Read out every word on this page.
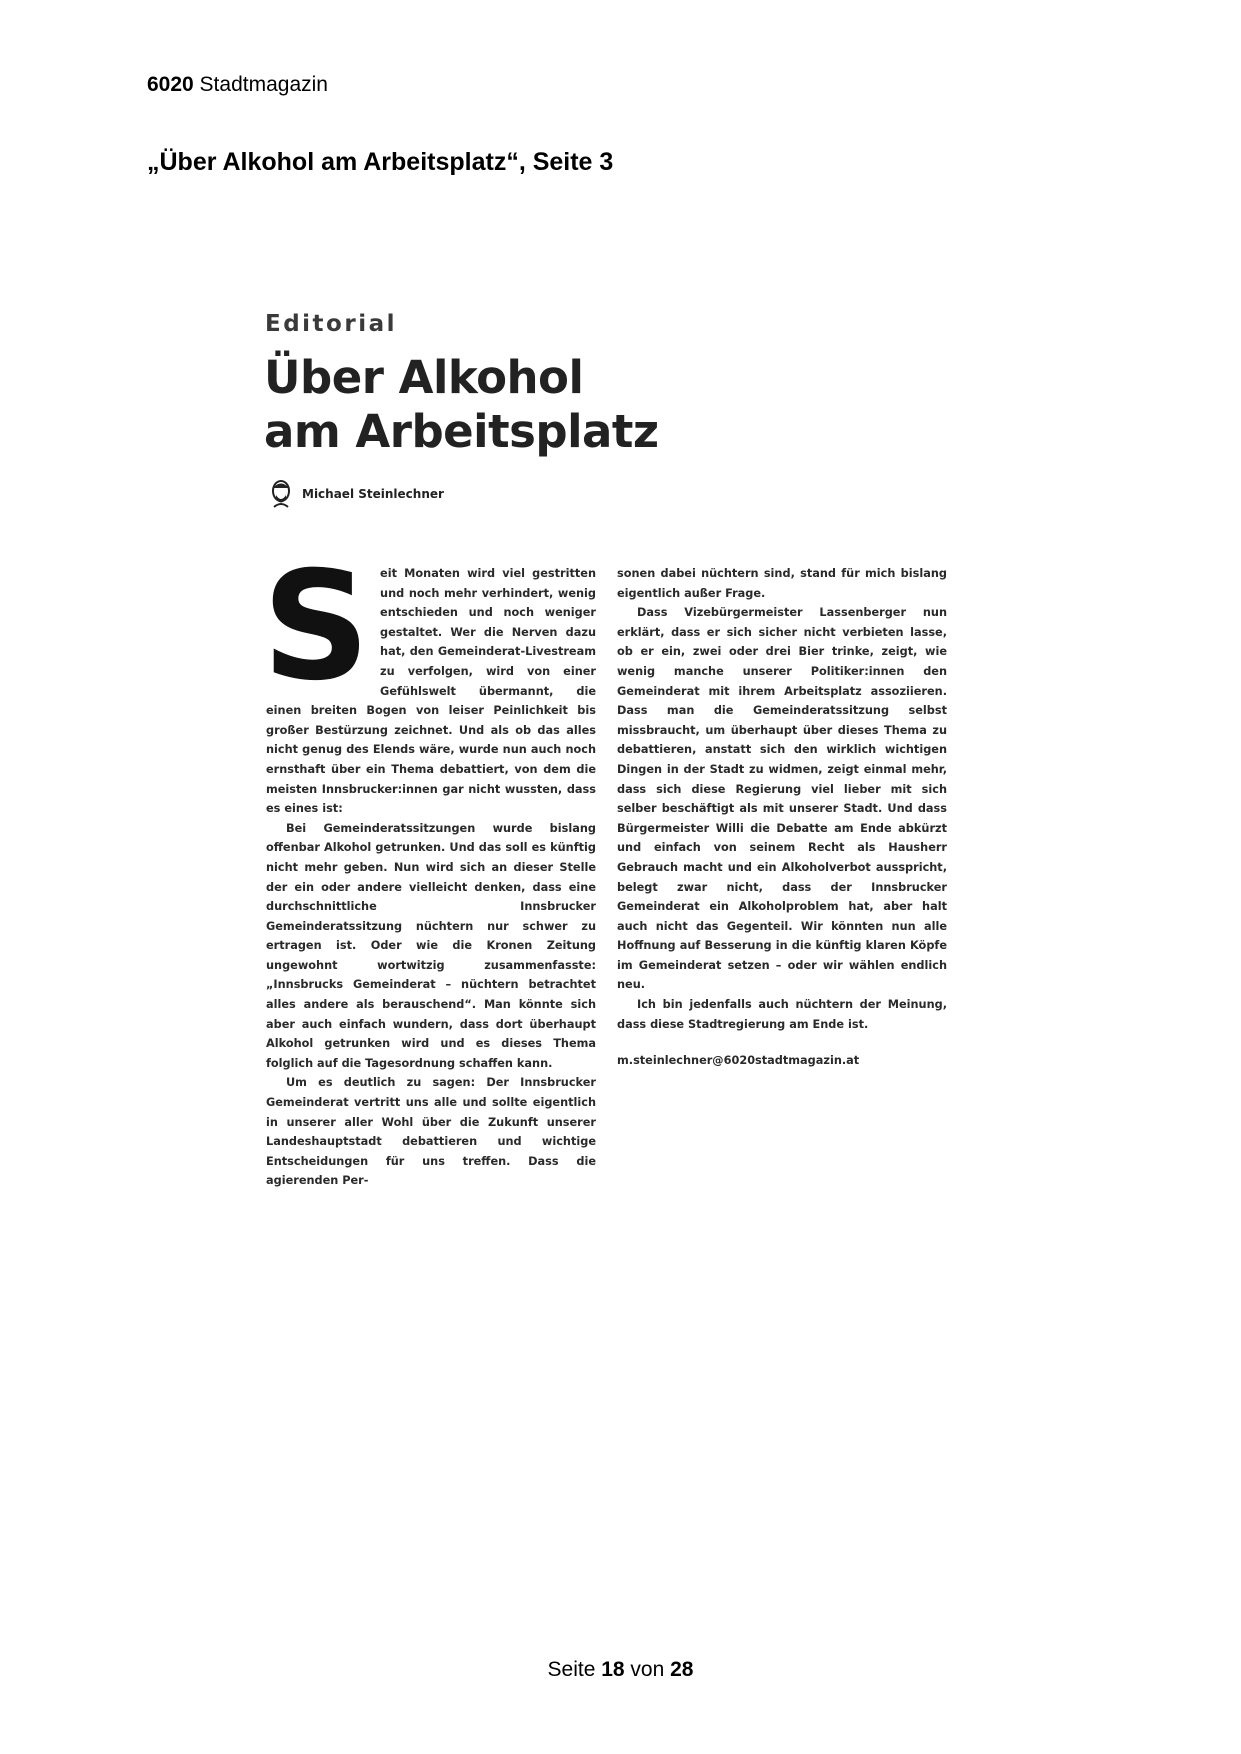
6020 Stadtmagazin
„Über Alkohol am Arbeitsplatz“, Seite 3
Editorial
Über Alkohol
am Arbeitsplatz
Michael Steinlechner

Seit Monaten wird viel gestritten und noch mehr verhindert, wenig entschieden und noch weniger gestaltet. Wer die Nerven dazu hat, den Gemeinderat-Livestream zu verfolgen, wird von einer Gefühlswelt übermannt, die einen breiten Bogen von leiser Peinlichkeit bis großer Bestürzung zeichnet. Und als ob das alles nicht genug des Elends wäre, wurde nun auch noch ernsthaft über ein Thema debattiert, von dem die meisten Innsbrucker:innen gar nicht wussten, dass es eines ist:

Bei Gemeinderatssitzungen wurde bislang offenbar Alkohol getrunken. Und das soll es künftig nicht mehr geben. Nun wird sich an dieser Stelle der ein oder andere vielleicht denken, dass eine durchschnittliche Innsbrucker Gemeinderatssitzung nüchtern nur schwer zu ertragen ist. Oder wie die Kronen Zeitung ungewohnt wortwitzig zusammenfasste: „Innsbrucks Gemeinderat – nüchtern betrachtet alles andere als berauschend“. Man könnte sich aber auch einfach wundern, dass dort überhaupt Alkohol getrunken wird und es dieses Thema folglich auf die Tagesordnung schaffen kann.

Um es deutlich zu sagen: Der Innsbrucker Gemeinderat vertritt uns alle und sollte eigentlich in unserer aller Wohl über die Zukunft unserer Landeshauptstadt debattieren und wichtige Entscheidungen für uns treffen. Dass die agierenden Per-

sonen dabei nüchtern sind, stand für mich bislang eigentlich außer Frage.

Dass Vizebürgermeister Lassenberger nun erklärt, dass er sich sicher nicht verbieten lasse, ob er ein, zwei oder drei Bier trinke, zeigt, wie wenig manche unserer Politiker:innen den Gemeinderat mit ihrem Arbeitsplatz assoziieren. Dass man die Gemeinderatssitzung selbst missbraucht, um überhaupt über dieses Thema zu debattieren, anstatt sich den wirklich wichtigen Dingen in der Stadt zu widmen, zeigt einmal mehr, dass sich diese Regierung viel lieber mit sich selber beschäftigt als mit unserer Stadt. Und dass Bürgermeister Willi die Debatte am Ende abkürzt und einfach von seinem Recht als Hausherr Gebrauch macht und ein Alkoholverbot ausspricht, belegt zwar nicht, dass der Innsbrucker Gemeinderat ein Alkoholproblem hat, aber halt auch nicht das Gegenteil. Wir könnten nun alle Hoffnung auf Besserung in die künftig klaren Köpfe im Gemeinderat setzen – oder wir wählen endlich neu.

Ich bin jedenfalls auch nüchtern der Meinung, dass diese Stadtregierung am Ende ist.

m.steinlechner@6020stadtmagazin.at

Seite 18 von 28
